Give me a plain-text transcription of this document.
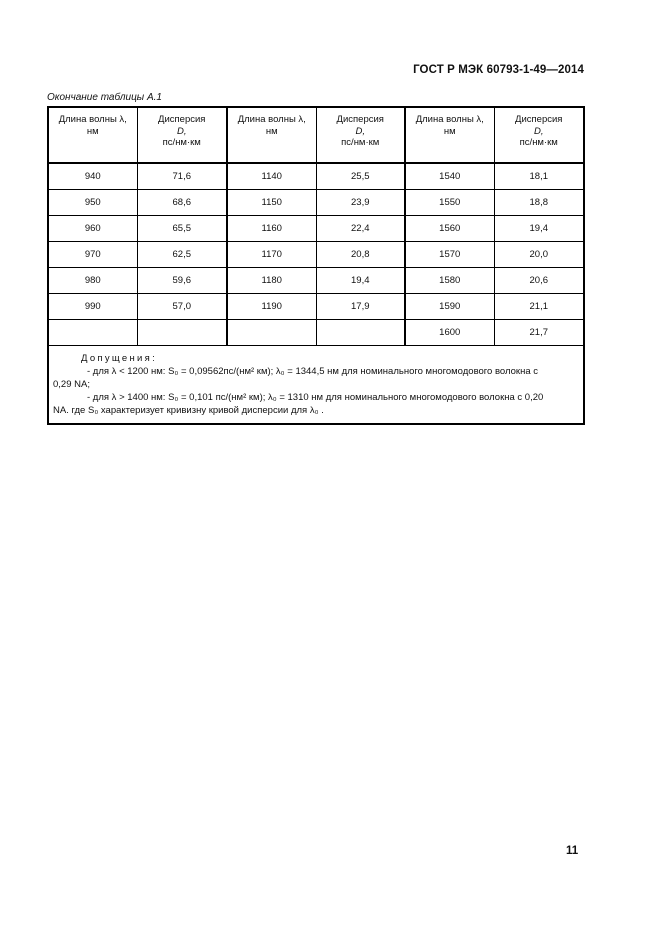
ГОСТ Р МЭК 60793-1-49—2014
Окончание таблицы А.1
Длина волны λ,
нм	Дисперсия
D,
пс/нм·км	Длина волны λ,
нм	Дисперсия
D,
пс/нм·км	Длина волны λ,
нм	Дисперсия
D,
пс/нм·км

940	71,6	1140	25,5	1540	18,1
950	68,6	1150	23,9	1550	18,8
960	65,5	1160	22,4	1560	19,4
970	62,5	1170	20,8	1570	20,0
980	59,6	1180	19,4	1580	20,6
990	57,0	1190	17,9	1590	21,1
				1600	21,7

Допущения:
- для λ < 1200 нм: S₀ = 0,09562пс/(нм² км); λ₀ = 1344,5 нм для номинального многомодового волокна с
0,29 NA;
- для λ > 1400 нм: S₀ = 0,101 пс/(нм² км); λ₀ = 1310 нм для номинального многомодового волокна с 0,20
NA. где S₀ характеризует кривизну кривой дисперсии для λ₀ .					
11
